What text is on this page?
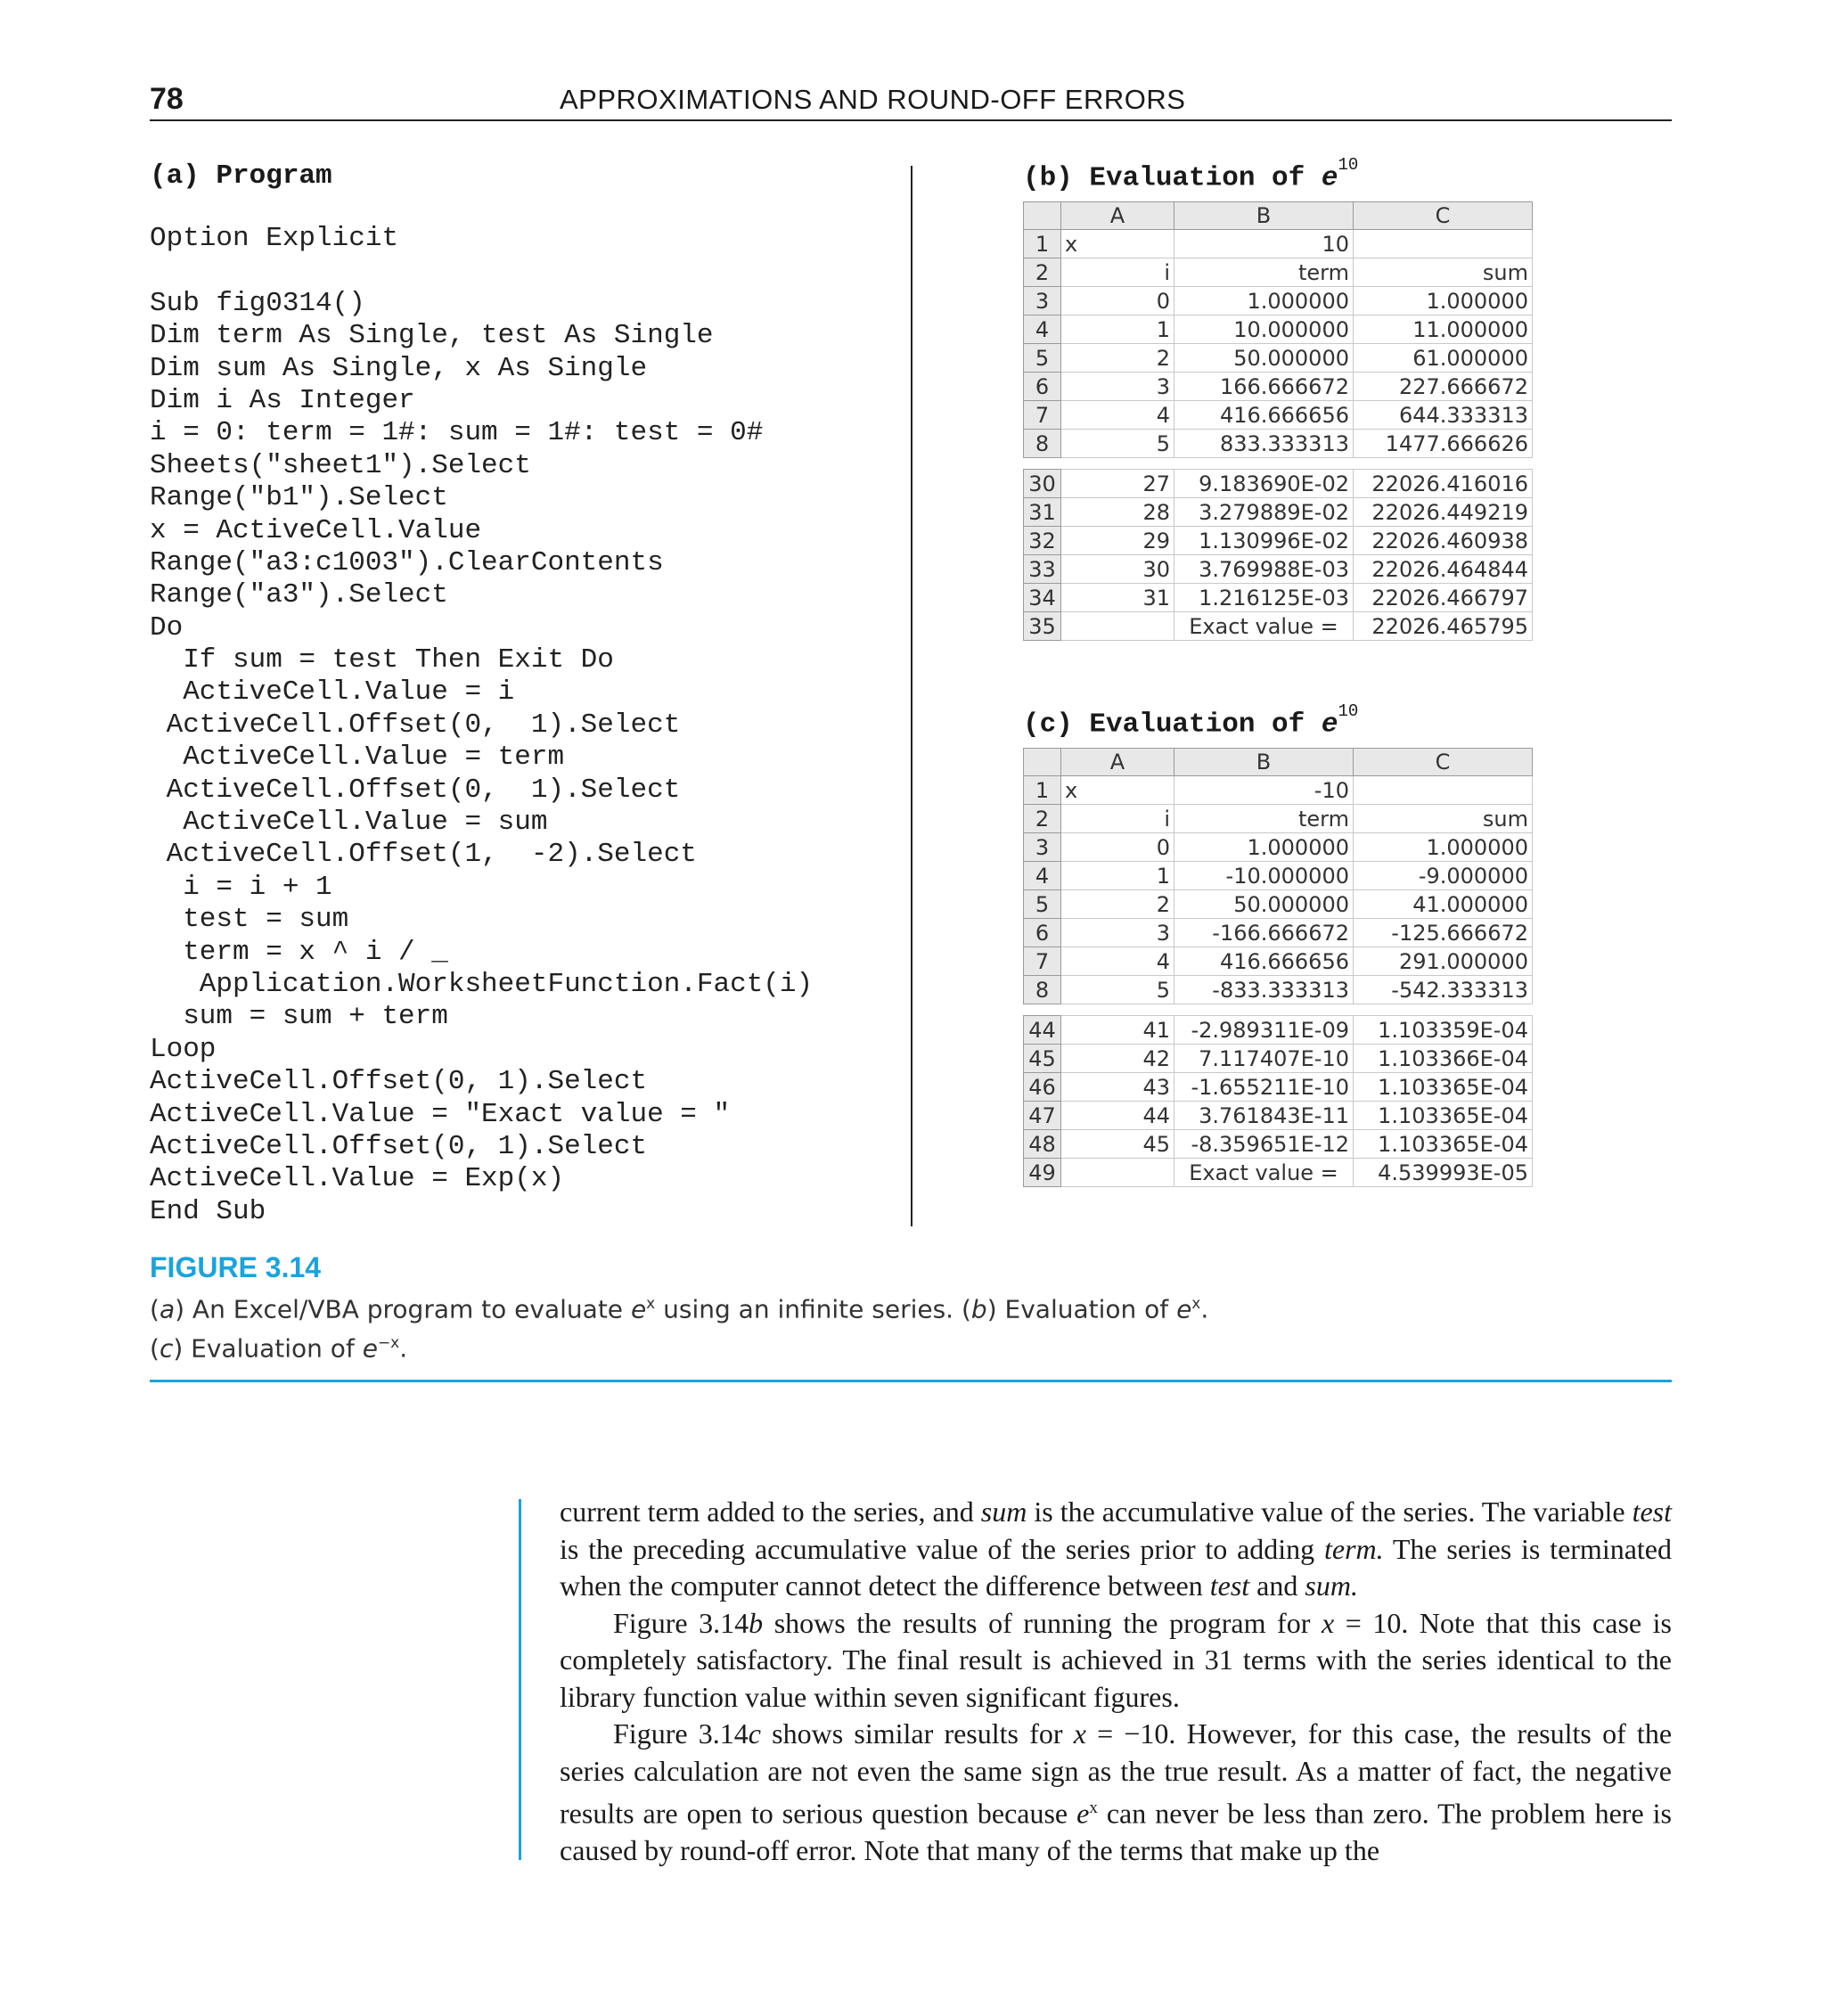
78	APPROXIMATIONS AND ROUND-OFF ERRORS
(a) Program
Option Explicit
Sub fig0314()
Dim term As Single, test As Single
Dim sum As Single, x As Single
Dim i As Integer
i = 0: term = 1#: sum = 1#: test = 0#
Sheets("sheet1").Select
Range("b1").Select
x = ActiveCell.Value
Range("a3:c1003").ClearContents
Range("a3").Select
Do
If sum = test Then Exit Do
ActiveCell.Value = i
ActiveCell.Offset(0,  1).Select
ActiveCell.Value = term
ActiveCell.Offset(0,  1).Select
ActiveCell.Value = sum
ActiveCell.Offset(1,  -2).Select
i = i + 1
test = sum
term = x ^ i / _
Application.WorksheetFunction.Fact(i)
sum = sum + term
Loop
ActiveCell.Offset(0, 1).Select
ActiveCell.Value = "Exact value = "
ActiveCell.Offset(0, 1).Select
ActiveCell.Value = Exp(x)
End Sub
(b) Evaluation of $e^{10}$
	A	B	C
1	x	10	
2	i	term	sum
3	0	1.000000	1.000000
4	1	10.000000	11.000000
5	2	50.000000	61.000000
6	3	166.666672	227.666672
7	4	416.666656	644.333313
8	5	833.333313	1477.666626

30	27	9.183690E-02	22026.416016
31	28	3.279889E-02	22026.449219
32	29	1.130996E-02	22026.460938
33	30	3.769988E-03	22026.464844
34	31	1.216125E-03	22026.466797
35		Exact value =	22026.465795
(c) Evaluation of $e^{10}$
	A	B	C
1	x	-10	
2	i	term	sum
3	0	1.000000	1.000000
4	1	-10.000000	-9.000000
5	2	50.000000	41.000000
6	3	-166.666672	-125.666672
7	4	416.666656	291.000000
8	5	-833.333313	-542.333313

44	41	-2.989311E-09	1.103359E-04
45	42	7.117407E-10	1.103366E-04
46	43	-1.655211E-10	1.103365E-04
47	44	3.761843E-11	1.103365E-04
48	45	-8.359651E-12	1.103365E-04
49		Exact value =	4.539993E-05
FIGURE 3.14
(a) An Excel/VBA program to evaluate $e^x$ using an infinite series. (b) Evaluation of $e^x$.
(c) Evaluation of $e^{-x}$.

current term added to the series, and sum is the accumulative value of the series. The variable test is the preceding accumulative value of the series prior to adding term. The series is terminated when the computer cannot detect the difference between test and sum.

Figure 3.14b shows the results of running the program for x = 10. Note that this case is completely satisfactory. The final result is achieved in 31 terms with the series identical to the library function value within seven significant figures.

Figure 3.14c shows similar results for x = −10. However, for this case, the results of the series calculation are not even the same sign as the true result. As a matter of fact, the negative results are open to serious question because $e^x$ can never be less than zero. The problem here is caused by round-off error. Note that many of the terms that make up the
